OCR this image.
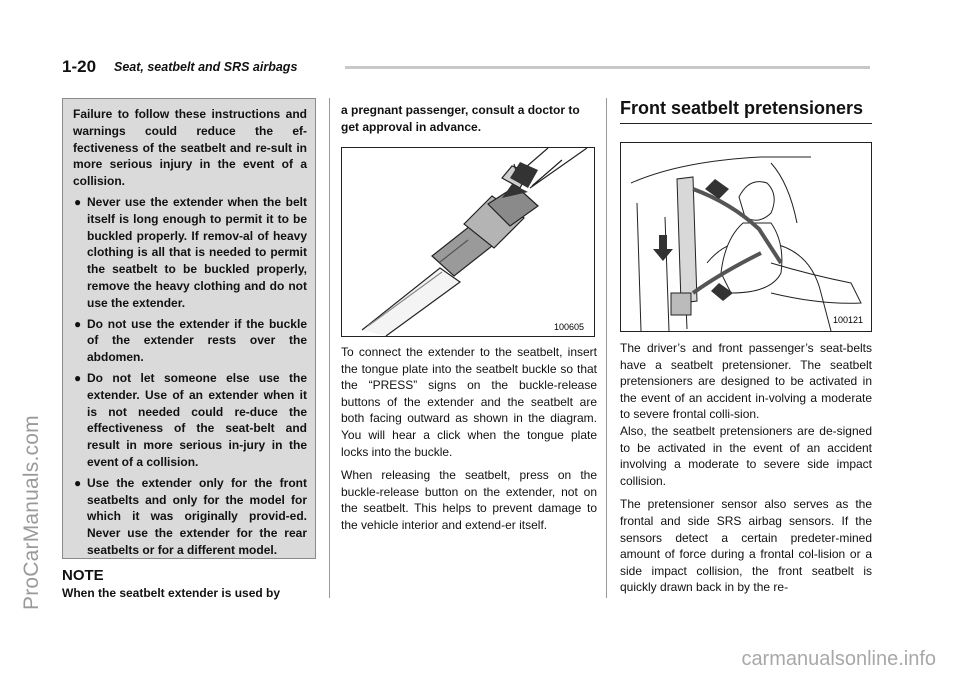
1-20 Seat, seatbelt and SRS airbags
ProCarManuals.com
carmanualsonline.info

Failure to follow these instructions and warnings could reduce the ef-fectiveness of the seatbelt and re-sult in more serious injury in the event of a collision.

● Never use the extender when the belt itself is long enough to permit it to be buckled properly. If remov-al of heavy clothing is all that is needed to permit the seatbelt to be buckled properly, remove the heavy clothing and do not use the extender.
● Do not use the extender if the buckle of the extender rests over the abdomen.
● Do not let someone else use the extender. Use of an extender when it is not needed could re-duce the effectiveness of the seat-belt and result in more serious in-jury in the event of a collision.
● Use the extender only for the front seatbelts and only for the model for which it was originally provid-ed. Never use the extender for the rear seatbelts or for a different model.
NOTE
When the seatbelt extender is used by
a pregnant passenger, consult a doctor to get approval in advance.
100605

To connect the extender to the seatbelt, insert the tongue plate into the seatbelt buckle so that the “PRESS” signs on the buckle-release buttons of the extender and the seatbelt are both facing outward as shown in the diagram. You will hear a click when the tongue plate locks into the buckle.

When releasing the seatbelt, press on the buckle-release button on the extender, not on the seatbelt. This helps to prevent damage to the vehicle interior and extend-er itself.

Front seatbelt pretensioners
100121

The driver’s and front passenger’s seat-belts have a seatbelt pretensioner. The seatbelt pretensioners are designed to be activated in the event of an accident in-volving a moderate to severe frontal colli-sion.

Also, the seatbelt pretensioners are de-signed to be activated in the event of an accident involving a moderate to severe side impact collision.

The pretensioner sensor also serves as the frontal and side SRS airbag sensors. If the sensors detect a certain predeter-mined amount of force during a frontal col-lision or a side impact collision, the front seatbelt is quickly drawn back in by the re-
